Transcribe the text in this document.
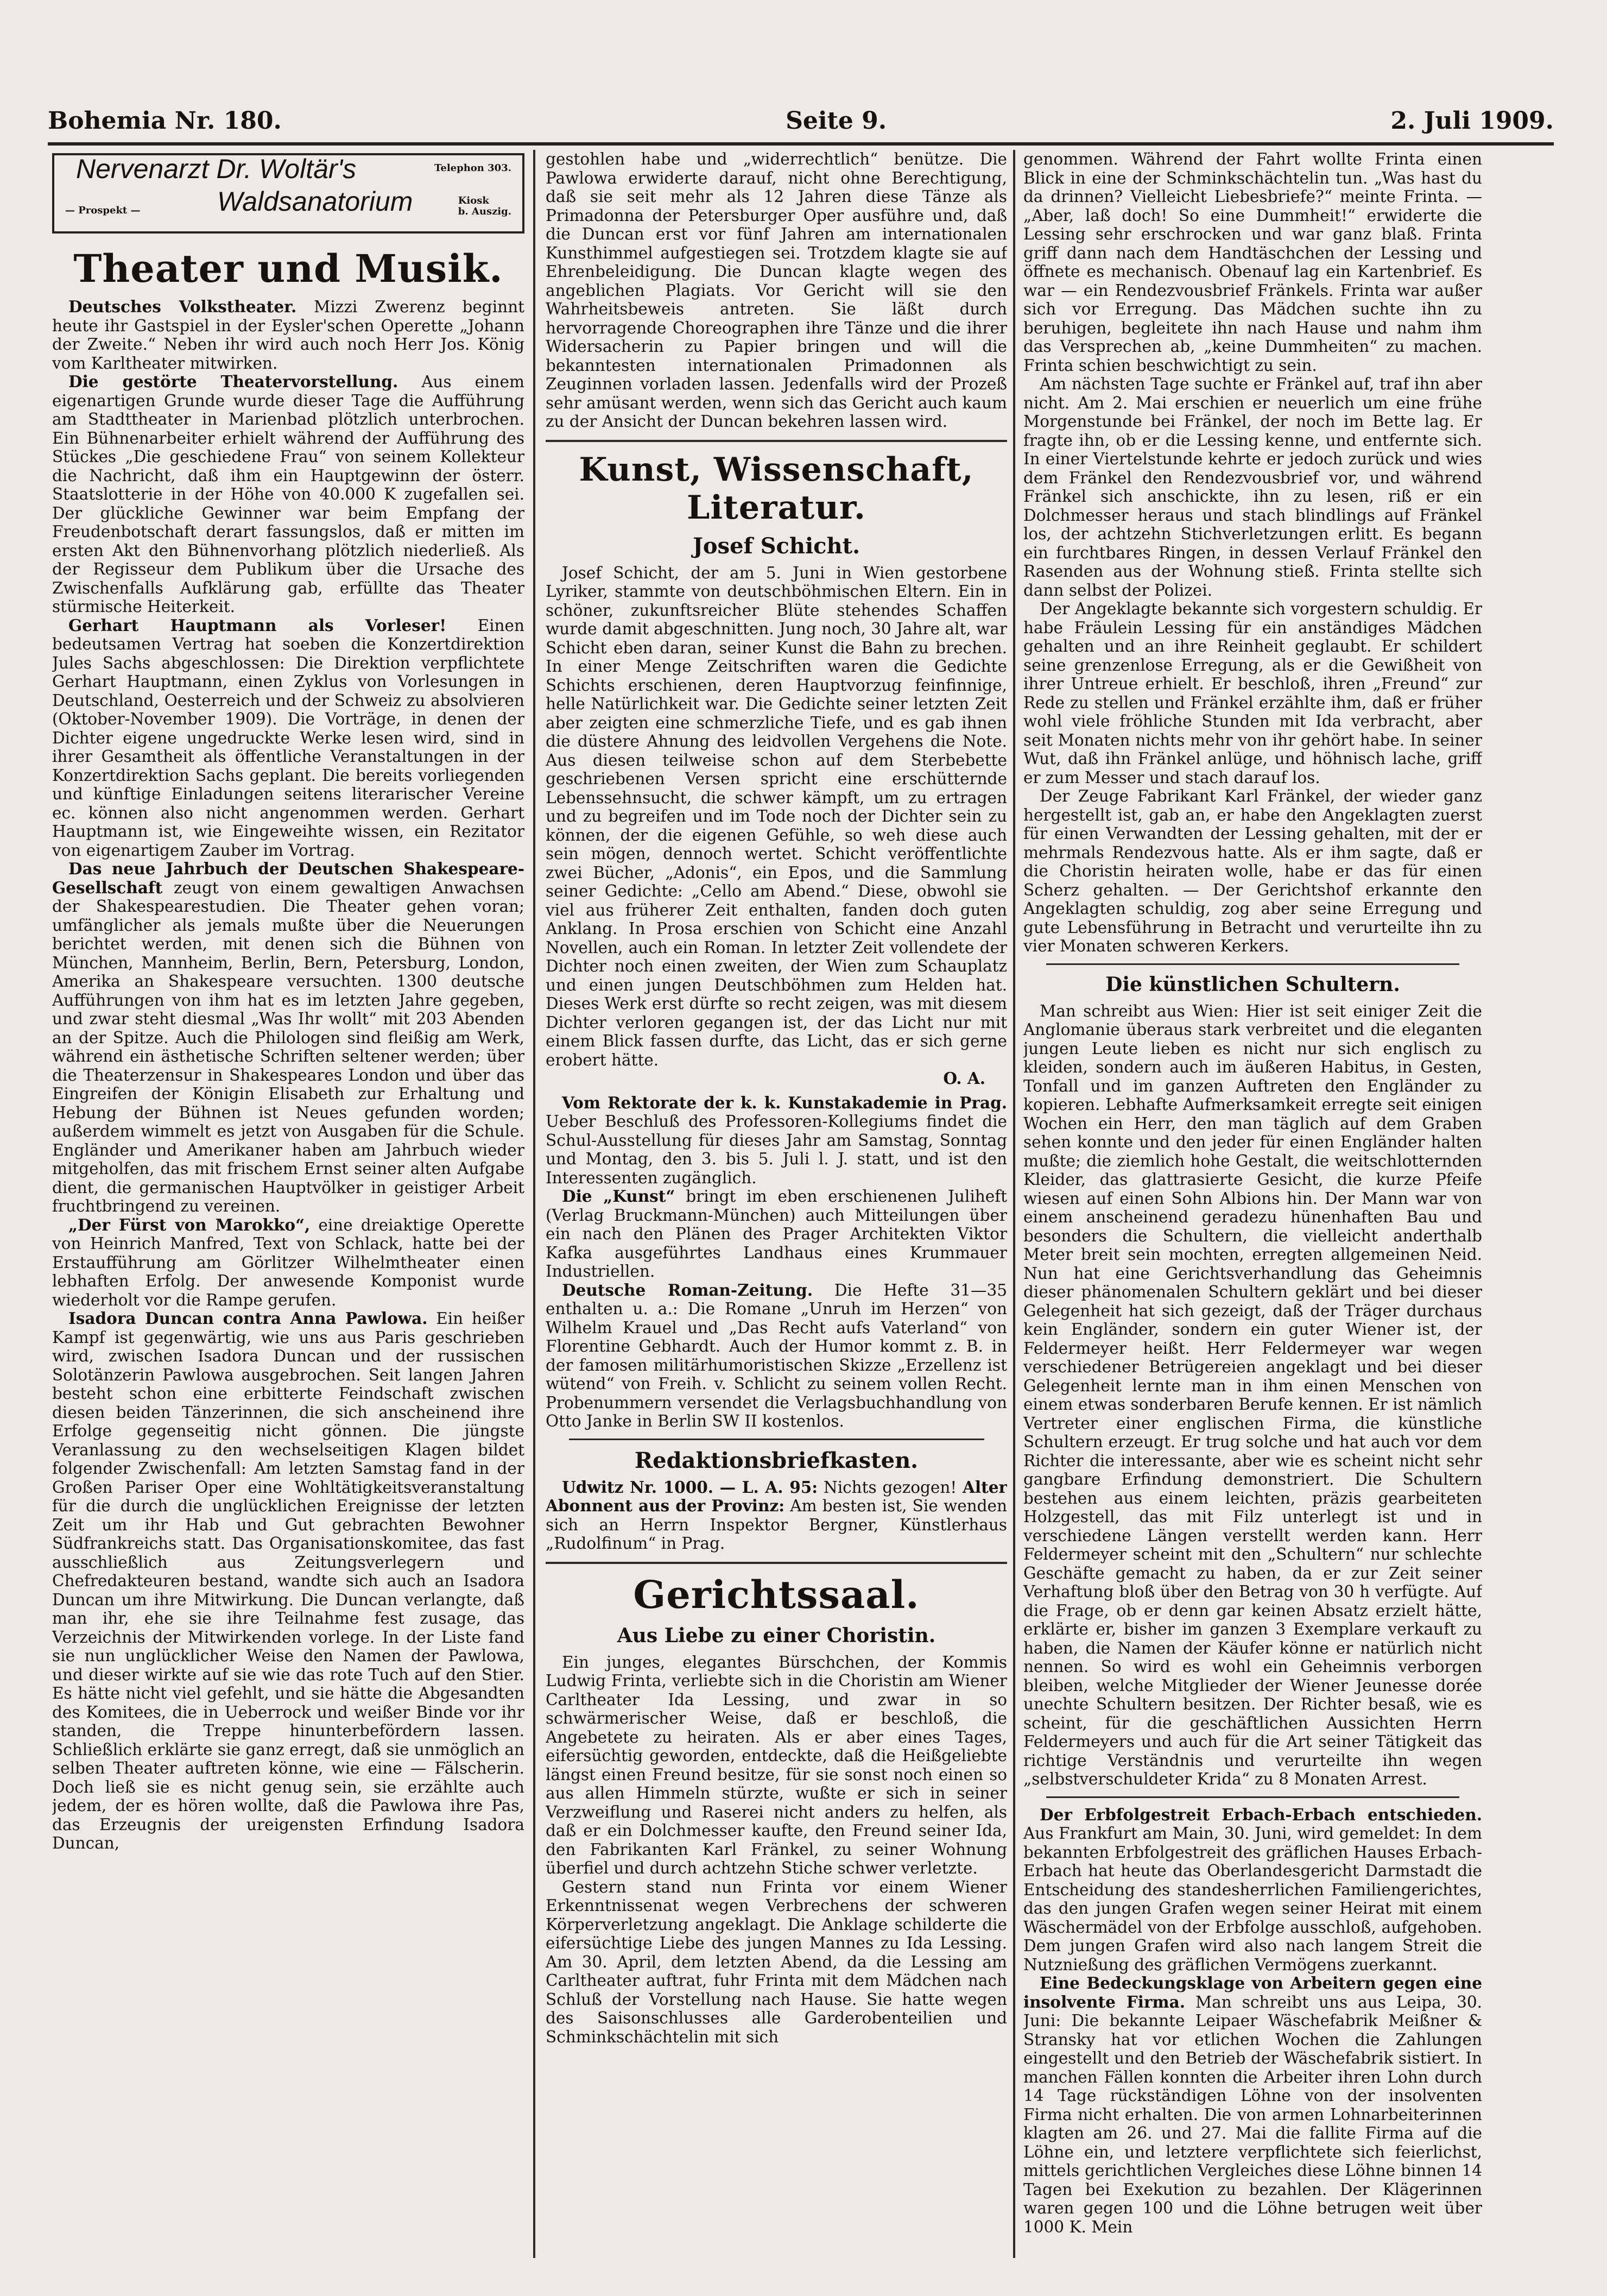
Bohemia Nr. 180.	Seite 9.	2. Juli 1909.
Nervenarzt Dr. Woltär's	Telephon 303.
— Prospekt —	Waldsanatorium	Kiosk
b. Auszig.
Theater und Musik.

Deutsches Volkstheater. Mizzi Zwerenz beginnt heute ihr Gastspiel in der Eysler'schen Operette „Johann der Zweite.“ Neben ihr wird auch noch Herr Jos. König vom Karltheater mitwirken.

Die gestörte Theatervorstellung. Aus einem eigenartigen Grunde wurde dieser Tage die Aufführung am Stadttheater in Marienbad plötzlich unterbrochen. Ein Bühnenarbeiter erhielt während der Aufführung des Stückes „Die geschiedene Frau“ von seinem Kollekteur die Nachricht, daß ihm ein Hauptgewinn der österr. Staatslotterie in der Höhe von 40.000 K zugefallen sei. Der glückliche Gewinner war beim Empfang der Freudenbotschaft derart fassungslos, daß er mitten im ersten Akt den Bühnenvorhang plötzlich niederließ. Als der Regisseur dem Publikum über die Ursache des Zwischenfalls Aufklärung gab, erfüllte das Theater stürmische Heiterkeit.

Gerhart Hauptmann als Vorleser! Einen bedeutsamen Vertrag hat soeben die Konzertdirektion Jules Sachs abgeschlossen: Die Direktion verpflichtete Gerhart Hauptmann, einen Zyklus von Vorlesungen in Deutschland, Oesterreich und der Schweiz zu absolvieren (Oktober-November 1909). Die Vorträge, in denen der Dichter eigene ungedruckte Werke lesen wird, sind in ihrer Gesamtheit als öffentliche Veranstaltungen in der Konzertdirektion Sachs geplant. Die bereits vorliegenden und künftige Einladungen seitens literarischer Vereine ec. können also nicht angenommen werden. Gerhart Hauptmann ist, wie Eingeweihte wissen, ein Rezitator von eigenartigem Zauber im Vortrag.

Das neue Jahrbuch der Deutschen Shakespeare-Gesellschaft zeugt von einem gewaltigen Anwachsen der Shakespearestudien. Die Theater gehen voran; umfänglicher als jemals mußte über die Neuerungen berichtet werden, mit denen sich die Bühnen von München, Mannheim, Berlin, Bern, Petersburg, London, Amerika an Shakespeare versuchten. 1300 deutsche Aufführungen von ihm hat es im letzten Jahre gegeben, und zwar steht diesmal „Was Ihr wollt“ mit 203 Abenden an der Spitze. Auch die Philologen sind fleißig am Werk, während ein ästhetische Schriften seltener werden; über die Theaterzensur in Shakespeares London und über das Eingreifen der Königin Elisabeth zur Erhaltung und Hebung der Bühnen ist Neues gefunden worden; außerdem wimmelt es jetzt von Ausgaben für die Schule. Engländer und Amerikaner haben am Jahrbuch wieder mitgeholfen, das mit frischem Ernst seiner alten Aufgabe dient, die germanischen Hauptvölker in geistiger Arbeit fruchtbringend zu vereinen.

„Der Fürst von Marokko“, eine dreiaktige Operette von Heinrich Manfred, Text von Schlack, hatte bei der Erstaufführung am Görlitzer Wilhelmtheater einen lebhaften Erfolg. Der anwesende Komponist wurde wiederholt vor die Rampe gerufen.

Isadora Duncan contra Anna Pawlowa. Ein heißer Kampf ist gegenwärtig, wie uns aus Paris geschrieben wird, zwischen Isadora Duncan und der russischen Solotänzerin Pawlowa ausgebrochen. Seit langen Jahren besteht schon eine erbitterte Feindschaft zwischen diesen beiden Tänzerinnen, die sich anscheinend ihre Erfolge gegenseitig nicht gönnen. Die jüngste Veranlassung zu den wechselseitigen Klagen bildet folgender Zwischenfall: Am letzten Samstag fand in der Großen Pariser Oper eine Wohltätigkeitsveranstaltung für die durch die unglücklichen Ereignisse der letzten Zeit um ihr Hab und Gut gebrachten Bewohner Südfrankreichs statt. Das Organisationskomitee, das fast ausschließlich aus Zeitungsverlegern und Chefredakteuren bestand, wandte sich auch an Isadora Duncan um ihre Mitwirkung. Die Duncan verlangte, daß man ihr, ehe sie ihre Teilnahme fest zusage, das Verzeichnis der Mitwirkenden vorlege. In der Liste fand sie nun unglücklicher Weise den Namen der Pawlowa, und dieser wirkte auf sie wie das rote Tuch auf den Stier. Es hätte nicht viel gefehlt, und sie hätte die Abgesandten des Komitees, die in Ueberrock und weißer Binde vor ihr standen, die Treppe hinunterbefördern lassen. Schließlich erklärte sie ganz erregt, daß sie unmöglich an selben Theater auftreten könne, wie eine — Fälscherin. Doch ließ sie es nicht genug sein, sie erzählte auch jedem, der es hören wollte, daß die Pawlowa ihre Pas, das Erzeugnis der ureigensten Erfindung Isadora Duncan,

gestohlen habe und „widerrechtlich“ benütze. Die Pawlowa erwiderte darauf, nicht ohne Berechtigung, daß sie seit mehr als 12 Jahren diese Tänze als Primadonna der Petersburger Oper ausführe und, daß die Duncan erst vor fünf Jahren am internationalen Kunsthimmel aufgestiegen sei. Trotzdem klagte sie auf Ehrenbeleidigung. Die Duncan klagte wegen des angeblichen Plagiats. Vor Gericht will sie den Wahrheitsbeweis antreten. Sie läßt durch hervorragende Choreographen ihre Tänze und die ihrer Widersacherin zu Papier bringen und will die bekanntesten internationalen Primadonnen als Zeuginnen vorladen lassen. Jedenfalls wird der Prozeß sehr amüsant werden, wenn sich das Gericht auch kaum zu der Ansicht der Duncan bekehren lassen wird.

Kunst, Wissenschaft, Literatur.
Josef Schicht.

Josef Schicht, der am 5. Juni in Wien gestorbene Lyriker, stammte von deutschböhmischen Eltern. Ein in schöner, zukunftsreicher Blüte stehendes Schaffen wurde damit abgeschnitten. Jung noch, 30 Jahre alt, war Schicht eben daran, seiner Kunst die Bahn zu brechen. In einer Menge Zeitschriften waren die Gedichte Schichts erschienen, deren Hauptvorzug feinfinnige, helle Natürlichkeit war. Die Gedichte seiner letzten Zeit aber zeigten eine schmerzliche Tiefe, und es gab ihnen die düstere Ahnung des leidvollen Vergehens die Note. Aus diesen teilweise schon auf dem Sterbebette geschriebenen Versen spricht eine erschütternde Lebenssehnsucht, die schwer kämpft, um zu ertragen und zu begreifen und im Tode noch der Dichter sein zu können, der die eigenen Gefühle, so weh diese auch sein mögen, dennoch wertet. Schicht veröffentlichte zwei Bücher, „Adonis“, ein Epos, und die Sammlung seiner Gedichte: „Cello am Abend.“ Diese, obwohl sie viel aus früherer Zeit enthalten, fanden doch guten Anklang. In Prosa erschien von Schicht eine Anzahl Novellen, auch ein Roman. In letzter Zeit vollendete der Dichter noch einen zweiten, der Wien zum Schauplatz und einen jungen Deutschböhmen zum Helden hat. Dieses Werk erst dürfte so recht zeigen, was mit diesem Dichter verloren gegangen ist, der das Licht nur mit einem Blick fassen durfte, das Licht, das er sich gerne erobert hätte.

O. A.

Vom Rektorate der k. k. Kunstakademie in Prag. Ueber Beschluß des Professoren-Kollegiums findet die Schul-Ausstellung für dieses Jahr am Samstag, Sonntag und Montag, den 3. bis 5. Juli l. J. statt, und ist den Interessenten zugänglich.

Die „Kunst“ bringt im eben erschienenen Juliheft (Verlag Bruckmann-München) auch Mitteilungen über ein nach den Plänen des Prager Architekten Viktor Kafka ausgeführtes Landhaus eines Krummauer Industriellen.

Deutsche Roman-Zeitung. Die Hefte 31—35 enthalten u. a.: Die Romane „Unruh im Herzen“ von Wilhelm Krauel und „Das Recht aufs Vaterland“ von Florentine Gebhardt. Auch der Humor kommt z. B. in der famosen militärhumoristischen Skizze „Erzellenz ist wütend“ von Freih. v. Schlicht zu seinem vollen Recht. Probenummern versendet die Verlagsbuchhandlung von Otto Janke in Berlin SW II kostenlos.

Redaktionsbriefkasten.

Udwitz Nr. 1000. — L. A. 95: Nichts gezogen! Alter Abonnent aus der Provinz: Am besten ist, Sie wenden sich an Herrn Inspektor Bergner, Künstlerhaus „Rudolfinum“ in Prag.

Gerichtssaal.
Aus Liebe zu einer Choristin.

Ein junges, elegantes Bürschchen, der Kommis Ludwig Frinta, verliebte sich in die Choristin am Wiener Carltheater Ida Lessing, und zwar in so schwärmerischer Weise, daß er beschloß, die Angebetete zu heiraten. Als er aber eines Tages, eifersüchtig geworden, entdeckte, daß die Heißgeliebte längst einen Freund besitze, für sie sonst noch einen so aus allen Himmeln stürzte, wußte er sich in seiner Verzweiflung und Raserei nicht anders zu helfen, als daß er ein Dolchmesser kaufte, den Freund seiner Ida, den Fabrikanten Karl Fränkel, zu seiner Wohnung überfiel und durch achtzehn Stiche schwer verletzte.

Gestern stand nun Frinta vor einem Wiener Erkenntnissenat wegen Verbrechens der schweren Körperverletzung angeklagt. Die Anklage schilderte die eifersüchtige Liebe des jungen Mannes zu Ida Lessing. Am 30. April, dem letzten Abend, da die Lessing am Carltheater auftrat, fuhr Frinta mit dem Mädchen nach Schluß der Vorstellung nach Hause. Sie hatte wegen des Saisonschlusses alle Garderobenteilien und Schminkschächtelin mit sich

genommen. Während der Fahrt wollte Frinta einen Blick in eine der Schminkschächtelin tun. „Was hast du da drinnen? Vielleicht Liebesbriefe?“ meinte Frinta. — „Aber, laß doch! So eine Dummheit!“ erwiderte die Lessing sehr erschrocken und war ganz blaß. Frinta griff dann nach dem Handtäschchen der Lessing und öffnete es mechanisch. Obenauf lag ein Kartenbrief. Es war — ein Rendezvousbrief Fränkels. Frinta war außer sich vor Erregung. Das Mädchen suchte ihn zu beruhigen, begleitete ihn nach Hause und nahm ihm das Versprechen ab, „keine Dummheiten“ zu machen. Frinta schien beschwichtigt zu sein.

Am nächsten Tage suchte er Fränkel auf, traf ihn aber nicht. Am 2. Mai erschien er neuerlich um eine frühe Morgenstunde bei Fränkel, der noch im Bette lag. Er fragte ihn, ob er die Lessing kenne, und entfernte sich. In einer Viertelstunde kehrte er jedoch zurück und wies dem Fränkel den Rendezvousbrief vor, und während Fränkel sich anschickte, ihn zu lesen, riß er ein Dolchmesser heraus und stach blindlings auf Fränkel los, der achtzehn Stichverletzungen erlitt. Es begann ein furchtbares Ringen, in dessen Verlauf Fränkel den Rasenden aus der Wohnung stieß. Frinta stellte sich dann selbst der Polizei.

Der Angeklagte bekannte sich vorgestern schuldig. Er habe Fräulein Lessing für ein anständiges Mädchen gehalten und an ihre Reinheit geglaubt. Er schildert seine grenzenlose Erregung, als er die Gewißheit von ihrer Untreue erhielt. Er beschloß, ihren „Freund“ zur Rede zu stellen und Fränkel erzählte ihm, daß er früher wohl viele fröhliche Stunden mit Ida verbracht, aber seit Monaten nichts mehr von ihr gehört habe. In seiner Wut, daß ihn Fränkel anlüge, und höhnisch lache, griff er zum Messer und stach darauf los.

Der Zeuge Fabrikant Karl Fränkel, der wieder ganz hergestellt ist, gab an, er habe den Angeklagten zuerst für einen Verwandten der Lessing gehalten, mit der er mehrmals Rendezvous hatte. Als er ihm sagte, daß er die Choristin heiraten wolle, habe er das für einen Scherz gehalten. — Der Gerichtshof erkannte den Angeklagten schuldig, zog aber seine Erregung und gute Lebensführung in Betracht und verurteilte ihn zu vier Monaten schweren Kerkers.

Die künstlichen Schultern.

Man schreibt aus Wien: Hier ist seit einiger Zeit die Anglomanie überaus stark verbreitet und die eleganten jungen Leute lieben es nicht nur sich englisch zu kleiden, sondern auch im äußeren Habitus, in Gesten, Tonfall und im ganzen Auftreten den Engländer zu kopieren. Lebhafte Aufmerksamkeit erregte seit einigen Wochen ein Herr, den man täglich auf dem Graben sehen konnte und den jeder für einen Engländer halten mußte; die ziemlich hohe Gestalt, die weitschlotternden Kleider, das glattrasierte Gesicht, die kurze Pfeife wiesen auf einen Sohn Albions hin. Der Mann war von einem anscheinend geradezu hünenhaften Bau und besonders die Schultern, die vielleicht anderthalb Meter breit sein mochten, erregten allgemeinen Neid. Nun hat eine Gerichtsverhandlung das Geheimnis dieser phänomenalen Schultern geklärt und bei dieser Gelegenheit hat sich gezeigt, daß der Träger durchaus kein Engländer, sondern ein guter Wiener ist, der Feldermeyer heißt. Herr Feldermeyer war wegen verschiedener Betrügereien angeklagt und bei dieser Gelegenheit lernte man in ihm einen Menschen von einem etwas sonderbaren Berufe kennen. Er ist nämlich Vertreter einer englischen Firma, die künstliche Schultern erzeugt. Er trug solche und hat auch vor dem Richter die interessante, aber wie es scheint nicht sehr gangbare Erfindung demonstriert. Die Schultern bestehen aus einem leichten, präzis gearbeiteten Holzgestell, das mit Filz unterlegt ist und in verschiedene Längen verstellt werden kann. Herr Feldermeyer scheint mit den „Schultern“ nur schlechte Geschäfte gemacht zu haben, da er zur Zeit seiner Verhaftung bloß über den Betrag von 30 h verfügte. Auf die Frage, ob er denn gar keinen Absatz erzielt hätte, erklärte er, bisher im ganzen 3 Exemplare verkauft zu haben, die Namen der Käufer könne er natürlich nicht nennen. So wird es wohl ein Geheimnis verborgen bleiben, welche Mitglieder der Wiener Jeunesse dorée unechte Schultern besitzen. Der Richter besaß, wie es scheint, für die geschäftlichen Aussichten Herrn Feldermeyers und auch für die Art seiner Tätigkeit das richtige Verständnis und verurteilte ihn wegen „selbstverschuldeter Krida“ zu 8 Monaten Arrest.

Der Erbfolgestreit Erbach-Erbach entschieden. Aus Frankfurt am Main, 30. Juni, wird gemeldet: In dem bekannten Erbfolgestreit des gräflichen Hauses Erbach-Erbach hat heute das Oberlandesgericht Darmstadt die Entscheidung des standesherrlichen Familiengerichtes, das den jungen Grafen wegen seiner Heirat mit einem Wäschermädel von der Erbfolge ausschloß, aufgehoben. Dem jungen Grafen wird also nach langem Streit die Nutznießung des gräflichen Vermögens zuerkannt.

Eine Bedeckungsklage von Arbeitern gegen eine insolvente Firma. Man schreibt uns aus Leipa, 30. Juni: Die bekannte Leipaer Wäschefabrik Meißner & Stransky hat vor etlichen Wochen die Zahlungen eingestellt und den Betrieb der Wäschefabrik sistiert. In manchen Fällen konnten die Arbeiter ihren Lohn durch 14 Tage rückständigen Löhne von der insolventen Firma nicht erhalten. Die von armen Lohnarbeiterinnen klagten am 26. und 27. Mai die fallite Firma auf die Löhne ein, und letztere verpflichtete sich feierlichst, mittels gerichtlichen Vergleiches diese Löhne binnen 14 Tagen bei Exekution zu bezahlen. Der Klägerinnen waren gegen 100 und die Löhne betrugen weit über 1000 K. Mein
